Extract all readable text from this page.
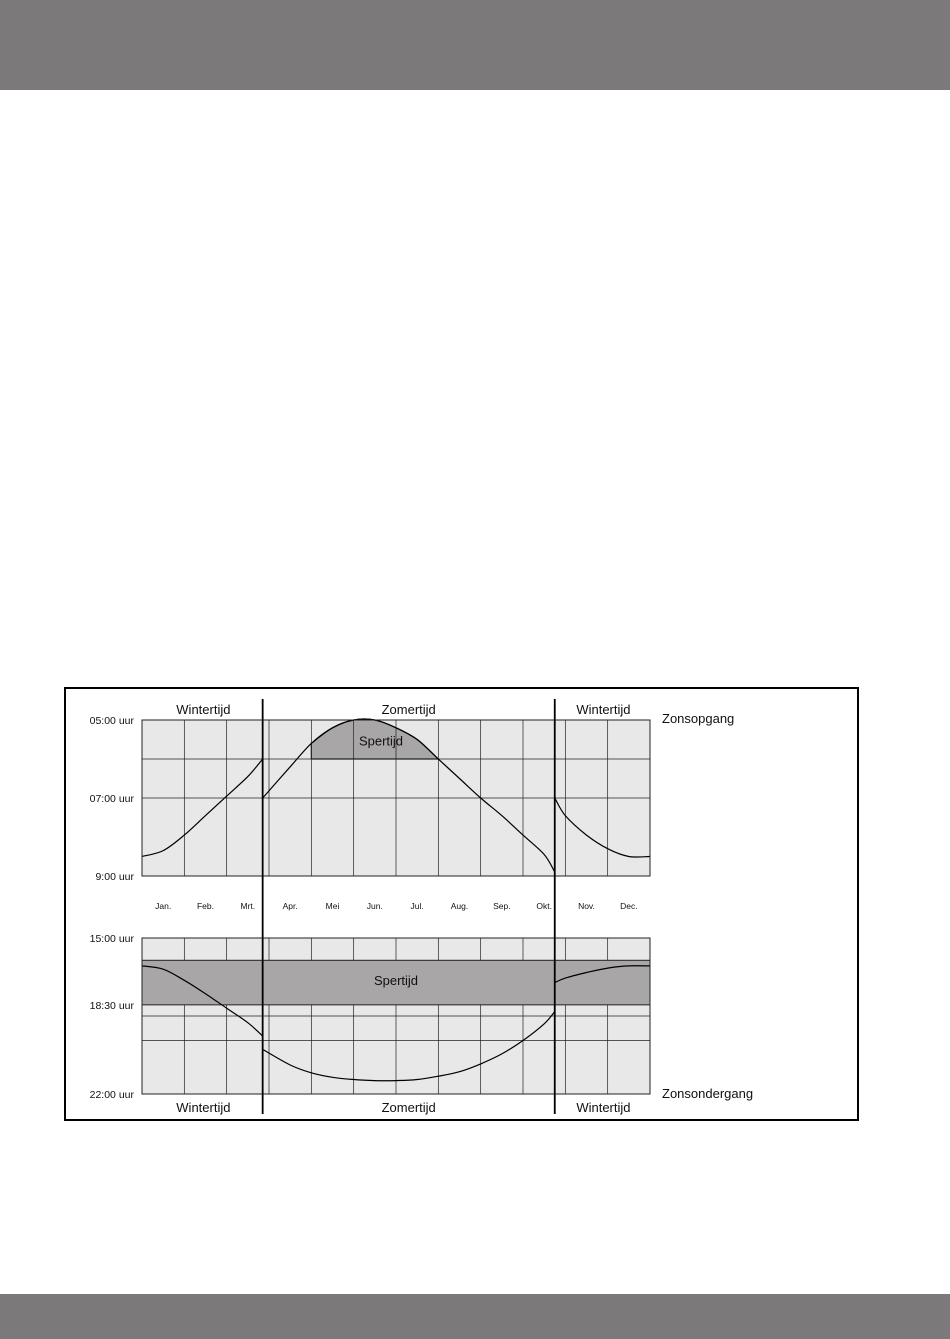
Spertijd
Zonsopgang
05:00 uur
07:00 uur
9:00 uur
Wintertijd	Zomertijd	Wintertijd
Jan.	Feb.	Mrt.	Apr.	Mei	Jun.	Jul.	Aug.	Sep.	Okt.	Nov.	Dec.
Spertijd
Zonsondergang
15:00 uur
18:30 uur
22:00 uur
Wintertijd	Zomertijd	Wintertijd
